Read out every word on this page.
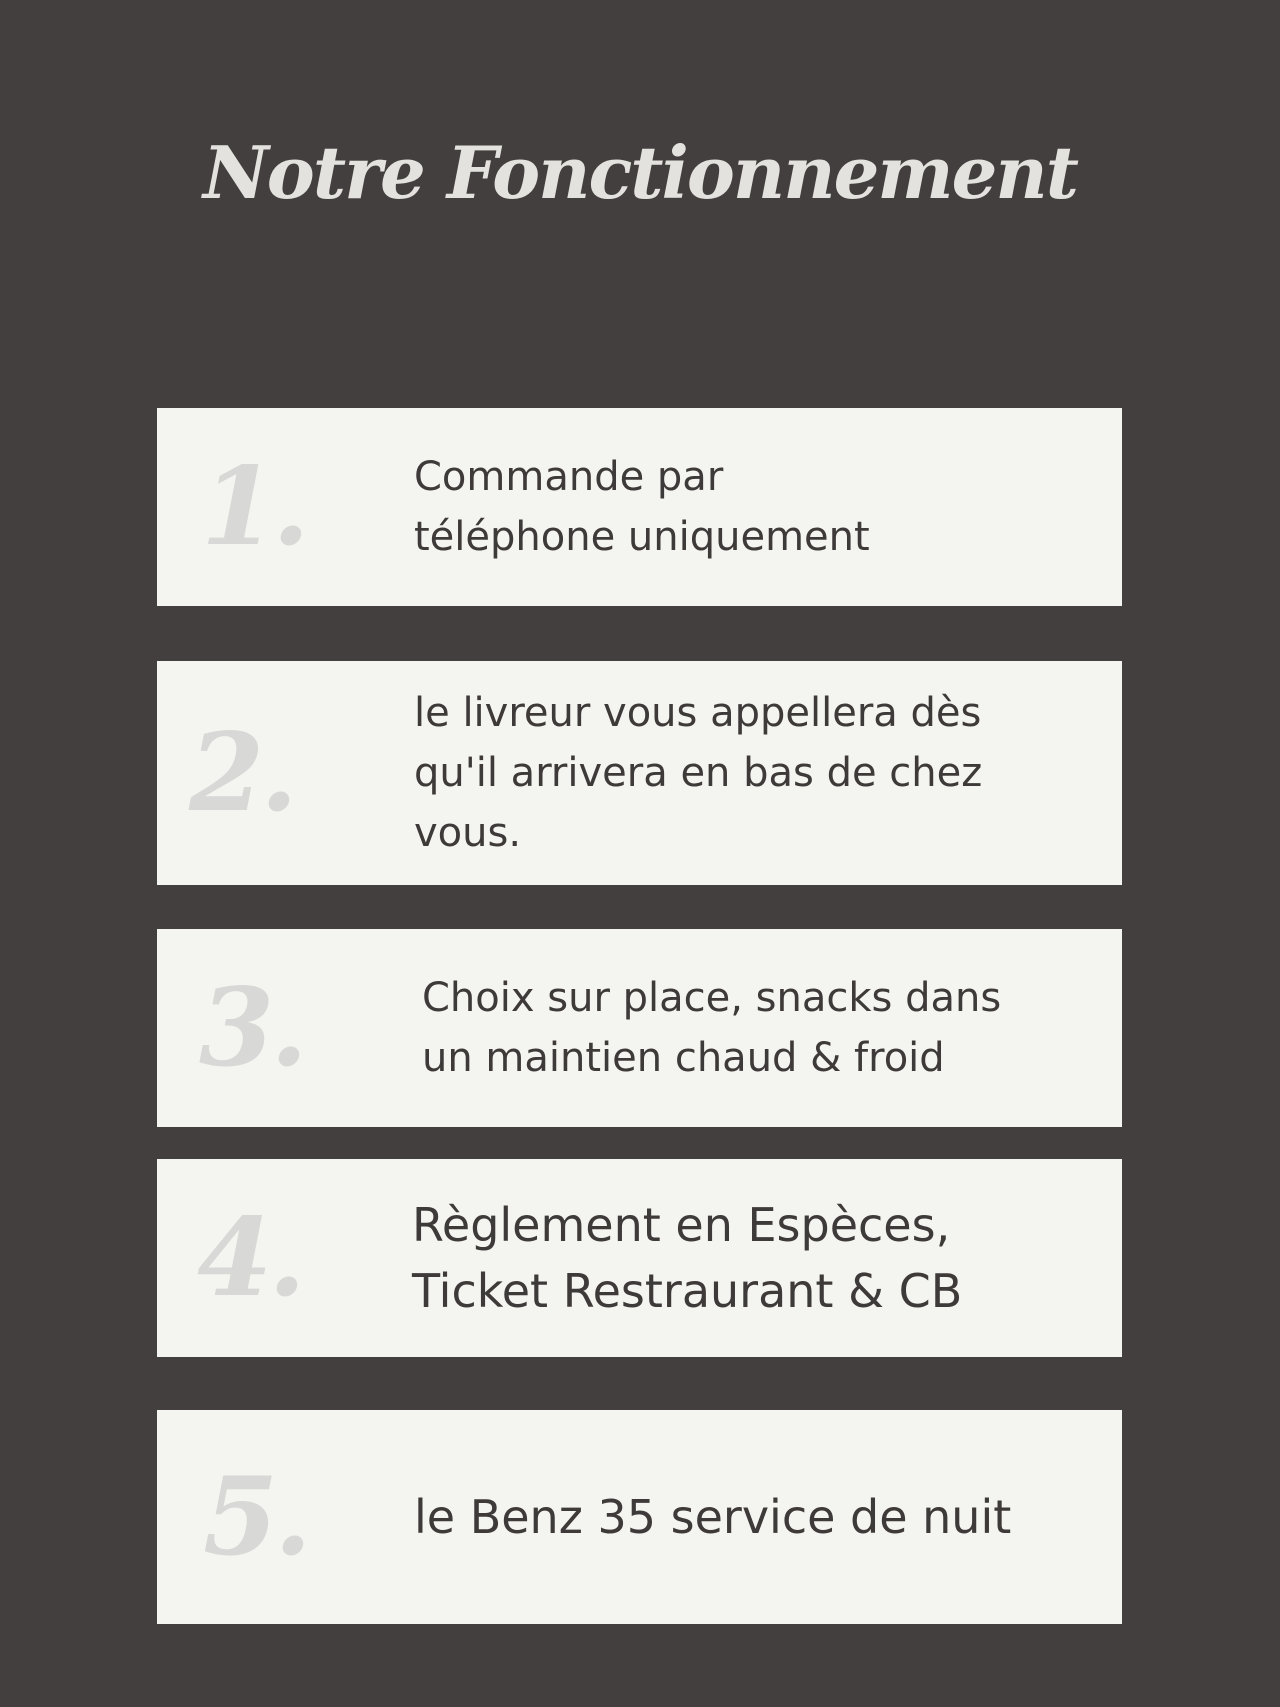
Notre Fonctionnement
1.	Commande par
téléphone uniquement
2.	le livreur vous appellera dès
qu'il arrivera en bas de chez
vous.
3.	Choix sur place, snacks dans
un maintien chaud & froid
4. Règlement en Espèces,
Ticket Restraurant & CB
5. le Benz 35 service de nuit
